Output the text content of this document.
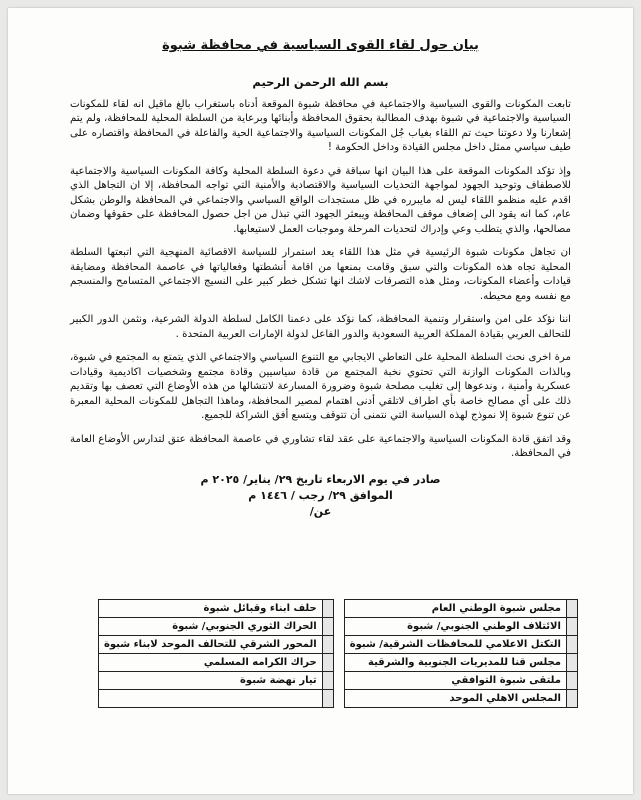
بيان حول لقاء القوى السياسية في محافظة شبوة
بسم الله الرحمن الرحيم

تابعت المكونات والقوى السياسية والاجتماعية في محافظة شبوة الموقعة أدناه باستغراب بالغ ماقيل انه لقاء للمكونات السياسية والاجتماعية في شبوة بهدف المطالبة بحقوق المحافظة وأبنائها وبرعاية من السلطة المحلية للمحافظة، ولم يتم إشعارنا ولا دعوتنا حيث تم اللقاء بغياب جُل المكونات السياسية والاجتماعية الحية والفاعلة في المحافظة واقتصاره على طيف سياسي ممثل داخل مجلس القيادة وداخل الحكومة !

وإذ تؤكد المكونات الموقعة على هذا البيان انها سباقة في دعوة السلطة المحلية وكافة المكونات السياسية والاجتماعية للاصطفاف وتوحيد الجهود لمواجهة التحديات السياسية والاقتصادية والأمنية التي تواجه المحافظة، إلا ان التجاهل الذي اقدم عليه منظمو اللقاء ليس له مايبرره في ظل مستجدات الواقع السياسي والاجتماعي في المحافظة والوطن بشكل عام، كما انه يقود الى إضعاف موقف المحافظة ويبعثر الجهود التي تبذل من اجل حصول المحافظة على حقوقها وضمان مصالحها، والذي يتطلب وعي وإدراك لتحديات المرحلة وموجبات العمل لاستيعابها.

ان تجاهل مكونات شبوة الرئيسية في مثل هذا اللقاء يعد استمرار للسياسة الاقصائية المنهجية التي اتبعتها السلطة المحلية تجاه هذه المكونات والتي سبق وقامت بمنعها من اقامة أنشطتها وفعالياتها في عاصمة المحافظة ومضايقة قيادات وأعضاء المكونات، ومثل هذه التصرفات لاشك انها تشكل خطر كبير على النسيج الاجتماعي المتسامح والمنسجم مع نفسه ومع محيطه.

اننا نؤكد على امن واستقرار وتنمية المحافظة، كما نؤكد على دعمنا الكامل لسلطة الدولة الشرعية، ونثمن الدور الكبير للتحالف العربي بقيادة المملكة العربية السعودية والدور الفاعل لدولة الإمارات العربية المتحدة .

مرة اخرى نحث السلطة المحلية على التعاطي الايجابي مع التنوع السياسي والاجتماعي الذي يتمتع به المجتمع في شبوة، وبالذات المكونات الوازنة التي تحتوي نخبة المجتمع من قادة سياسيين وقادة مجتمع وشخصيات اكاديمية وقيادات عسكرية وأمنية ، وندعوها إلى تغليب مصلحة شبوة وضرورة المسارعة لانتشالها من هذه الأوضاع التي تعصف بها وتقديم ذلك على أي مصالح خاصة بأي اطراف لاتلقي أدنى اهتمام لمصير المحافظة، وماهذا التجاهل للمكونات المحلية المعبرة عن تنوع شبوة إلا نموذج لهذه السياسة التي نتمنى أن تتوقف ويتسع أفق الشراكة للجميع.

وقد اتفق قادة المكونات السياسية والاجتماعية على عقد لقاء تشاوري في عاصمة المحافظة عتق لتدارس الأوضاع العامة في المحافظة.

صادر في يوم الاربعاء تاريخ ٢٩/ يناير/ ٢٠٢٥ م
الموافق ٢٩/ رجب / ١٤٤٦ م
عن/
	مجلس شبوة الوطني العام			حلف ابناء وقبائل شبوة
	الائتلاف الوطني الجنوبي/ شبوة			الحراك الثوري الجنوبي/ شبوة
	التكتل الاعلامي للمحافظات الشرقية/ شبوة			المحور الشرقي للتحالف الموحد لابناء شبوة
	مجلس قنا للمديريات الجنوبية والشرقية			حراك الكرامه المسلمي
	ملتقى شبوة التوافقي			تيار نهضة شبوة
	المجلس الاهلي الموحد			
